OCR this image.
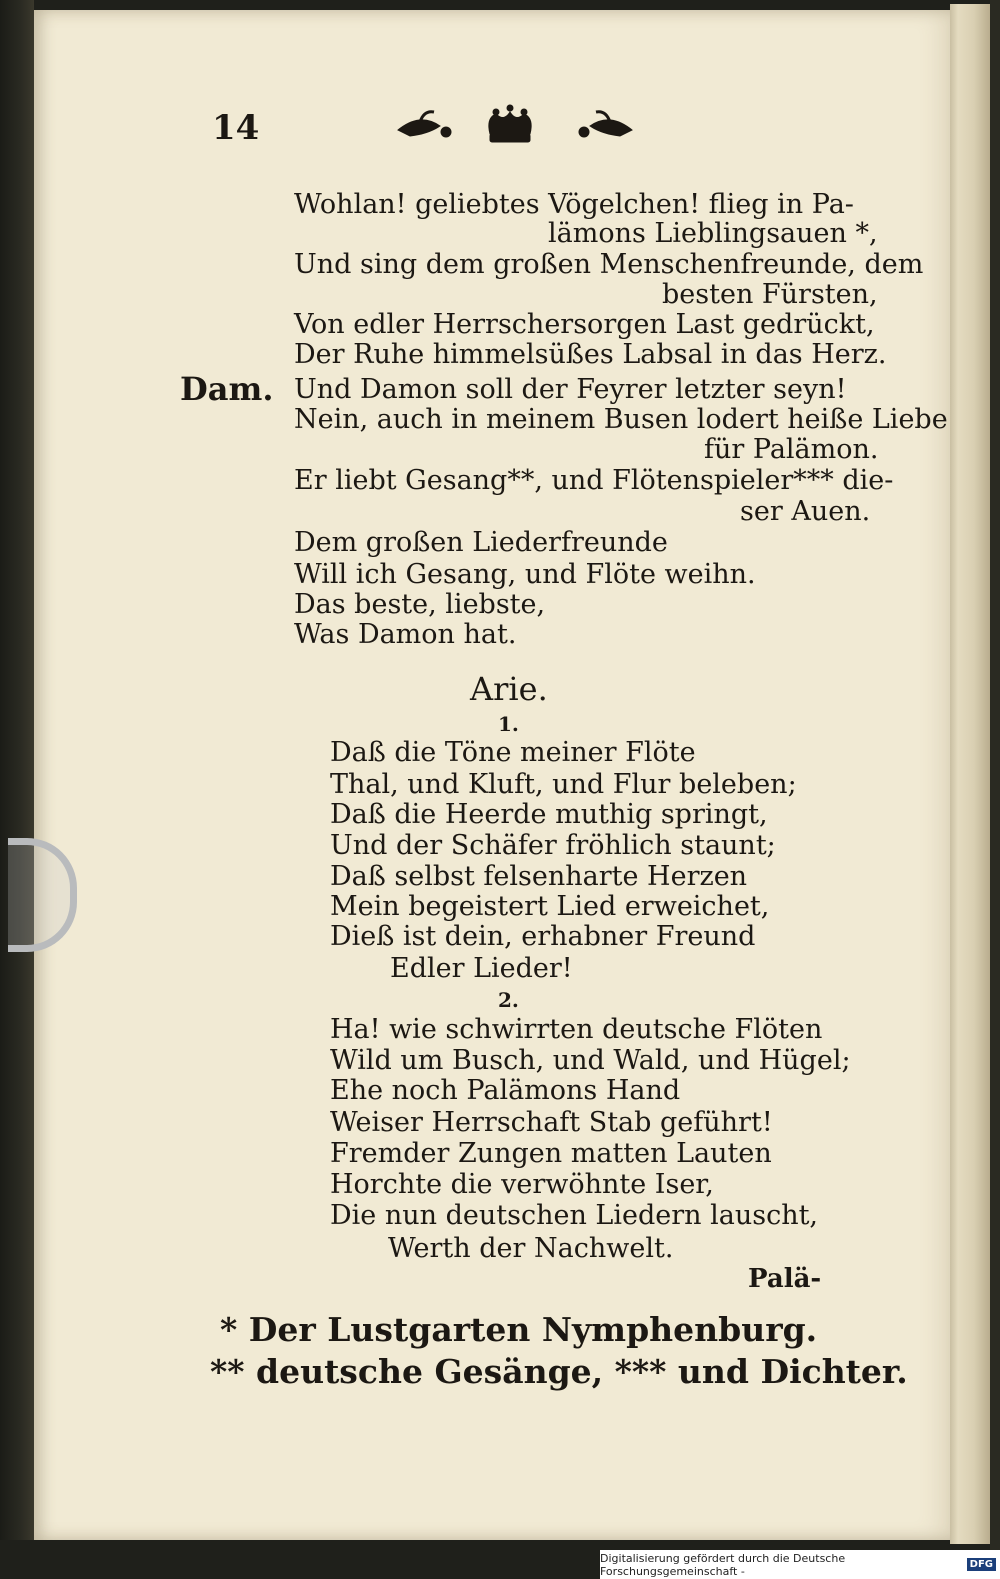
14
Wohlan! geliebtes Vögelchen! flieg in Pa-
lämons Lieblingsauen *,
Und sing dem großen Menschenfreunde, dem
besten Fürsten,
Von edler Herrschersorgen Last gedrückt,
Der Ruhe himmelsüßes Labsal in das Herz.
Und Damon soll der Feyrer letzter seyn!
Nein, auch in meinem Busen lodert heiße Liebe
für Palämon.
Er liebt Gesang**, und Flötenspieler*** die-
ser Auen.
Dem großen Liederfreunde
Will ich Gesang, und Flöte weihn.
Das beste, liebste,
Was Damon hat.
Dam.
Arie.
1.
Daß die Töne meiner Flöte
Thal, und Kluft, und Flur beleben;
Daß die Heerde muthig springt,
Und der Schäfer fröhlich staunt;
Daß selbst felsenharte Herzen
Mein begeistert Lied erweichet,
Dieß ist dein, erhabner Freund
Edler Lieder!
2.
Ha! wie schwirrten deutsche Flöten
Wild um Busch, und Wald, und Hügel;
Ehe noch Palämons Hand
Weiser Herrschaft Stab geführt!
Fremder Zungen matten Lauten
Horchte die verwöhnte Iser,
Die nun deutschen Liedern lauscht,
Werth der Nachwelt.
Palä-
* Der Lustgarten Nymphenburg.
** deutsche Gesänge, *** und Dichter.
Digitalisierung gefördert durch die Deutsche Forschungsgemeinschaft -	DFG
